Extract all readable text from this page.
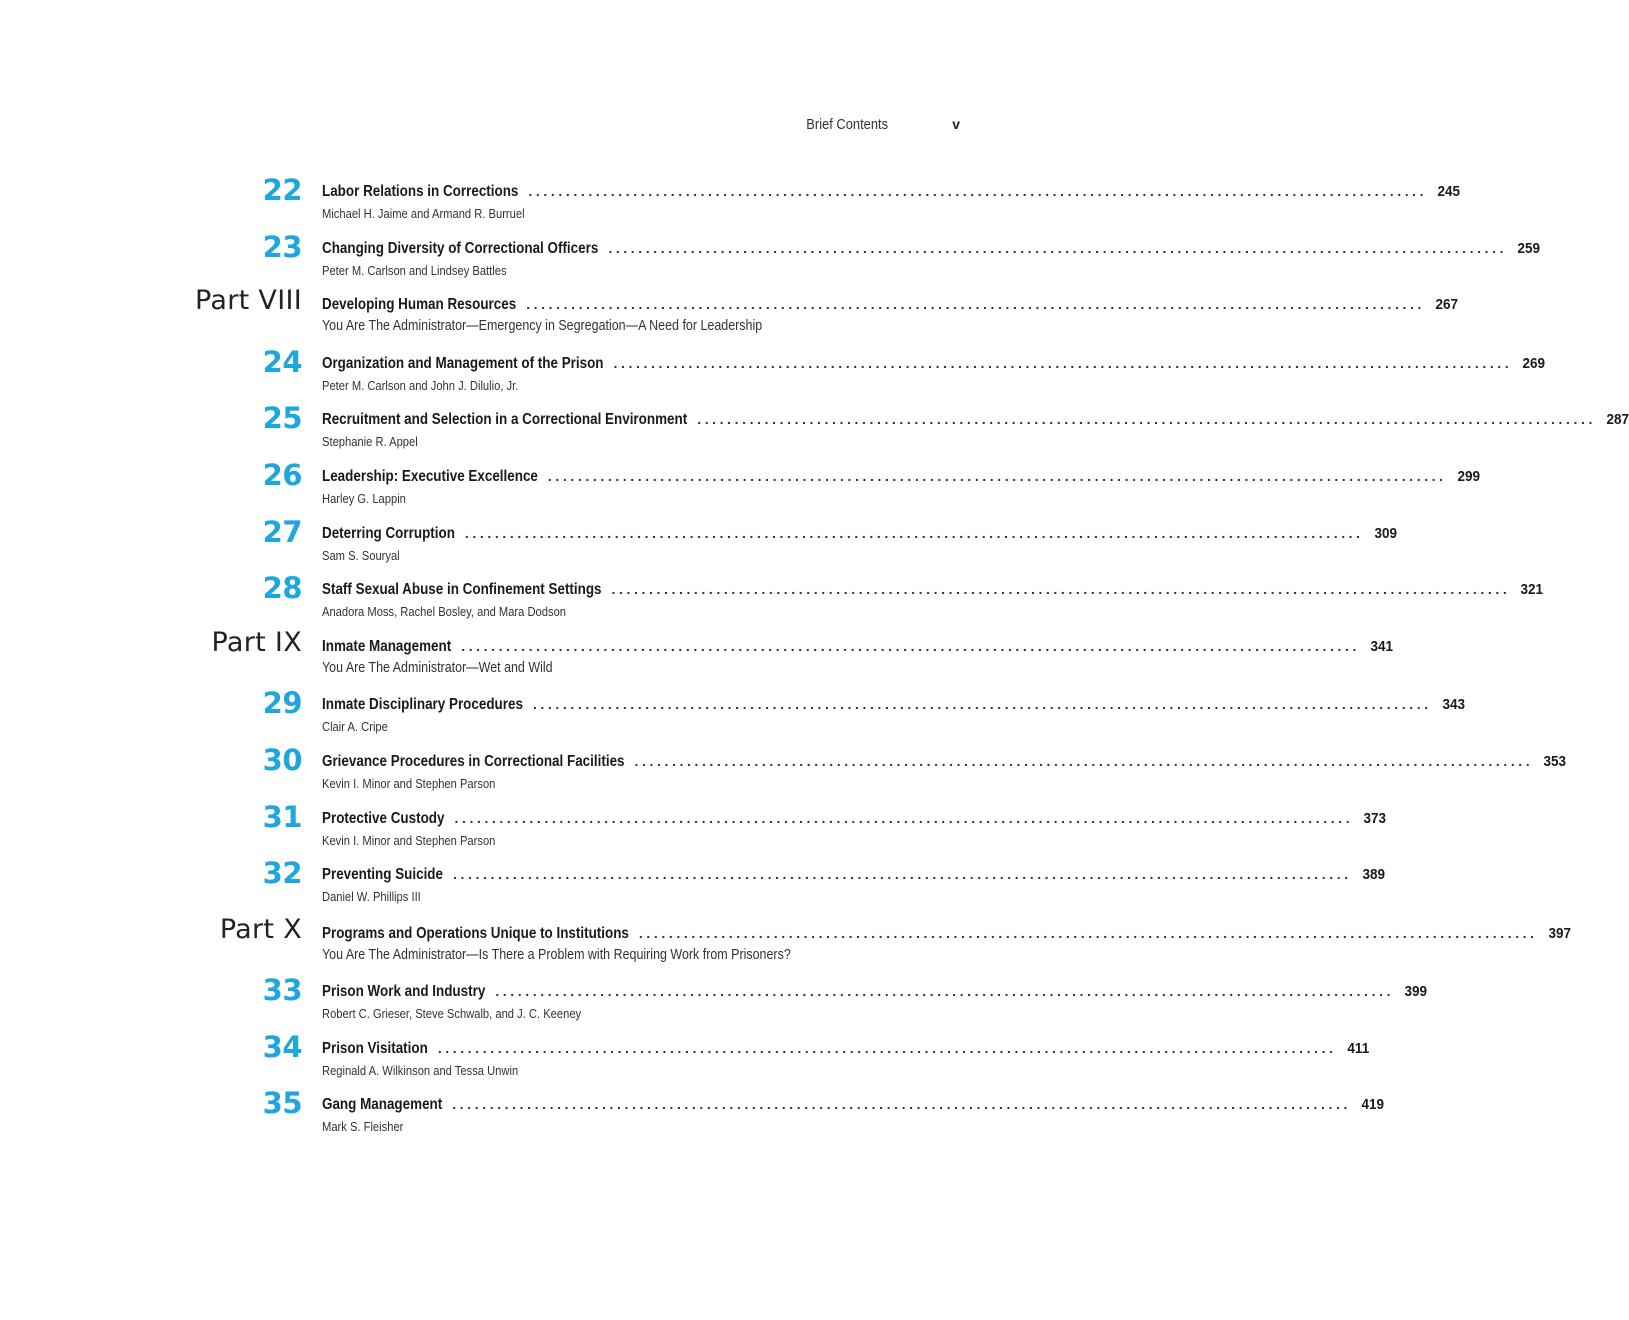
Brief Contents	v
22 Labor Relations in Corrections ........................................................................................................................ 245
Michael H. Jaime and Armand R. Burruel
23 Changing Diversity of Correctional Officers ........................................................................................................................ 259
Peter M. Carlson and Lindsey Battles
Part VIII Developing Human Resources ........................................................................................................................ 267
You Are The Administrator—Emergency in Segregation—A Need for Leadership
24 Organization and Management of the Prison ........................................................................................................................ 269
Peter M. Carlson and John J. Dilulio, Jr.
25 Recruitment and Selection in a Correctional Environment ........................................................................................................................ 287
Stephanie R. Appel
26 Leadership: Executive Excellence ........................................................................................................................ 299
Harley G. Lappin
27 Deterring Corruption ........................................................................................................................ 309
Sam S. Souryal
28 Staff Sexual Abuse in Confinement Settings ........................................................................................................................ 321
Anadora Moss, Rachel Bosley, and Mara Dodson
Part IX Inmate Management ........................................................................................................................ 341
You Are The Administrator—Wet and Wild
29 Inmate Disciplinary Procedures ........................................................................................................................ 343
Clair A. Cripe
30 Grievance Procedures in Correctional Facilities ........................................................................................................................ 353
Kevin I. Minor and Stephen Parson
31 Protective Custody ........................................................................................................................ 373
Kevin I. Minor and Stephen Parson
32 Preventing Suicide ........................................................................................................................ 389
Daniel W. Phillips III
Part X Programs and Operations Unique to Institutions ........................................................................................................................ 397
You Are The Administrator—Is There a Problem with Requiring Work from Prisoners?
33 Prison Work and Industry ........................................................................................................................ 399
Robert C. Grieser, Steve Schwalb, and J. C. Keeney
34 Prison Visitation ........................................................................................................................ 411
Reginald A. Wilkinson and Tessa Unwin
35 Gang Management ........................................................................................................................ 419
Mark S. Fleisher
